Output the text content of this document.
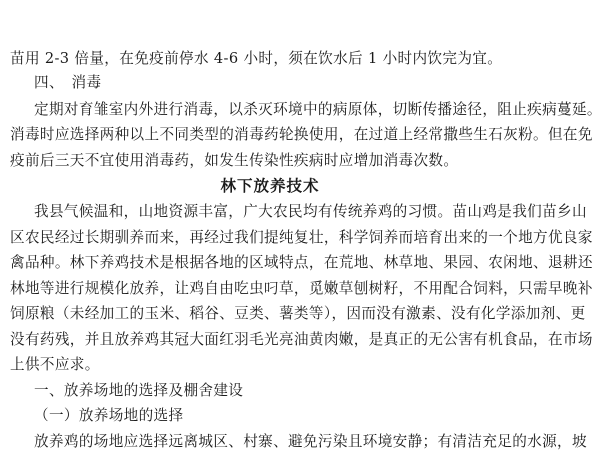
苗用 2-3 倍量，在免疫前停水 4-6 小时，须在饮水后 1 小时内饮完为宜。
四、　消毒
定期对育雏室内外进行消毒，以杀灭环境中的病原体，切断传播途径，阻止疾病蔓延。
消毒时应选择两种以上不同类型的消毒药轮换使用，在过道上经常撒些生石灰粉。但在免
疫前后三天不宜使用消毒药，如发生传染性疾病时应增加消毒次数。
林下放养技术
我县气候温和，山地资源丰富，广大农民均有传统养鸡的习惯。苗山鸡是我们苗乡山
区农民经过长期驯养而来，再经过我们提纯复壮，科学饲养而培育出来的一个地方优良家
禽品种。林下养鸡技术是根据各地的区域特点，在荒地、林草地、果园、农闲地、退耕还
林地等进行规模化放养，让鸡自由吃虫叼草，觅嫩草刨树籽，不用配合饲料，只需早晚补
饲原粮（未经加工的玉米、稻谷、豆类、薯类等），因而没有激素、没有化学添加剂、更
没有药残，并且放养鸡其冠大面红羽毛光亮油黄肉嫩，是真正的无公害有机食品，在市场
上供不应求。
一、放养场地的选择及棚舍建设
（一）放养场地的选择
放养鸡的场地应选择远离城区、村寨、避免污染且环境安静；有清洁充足的水源，坡
